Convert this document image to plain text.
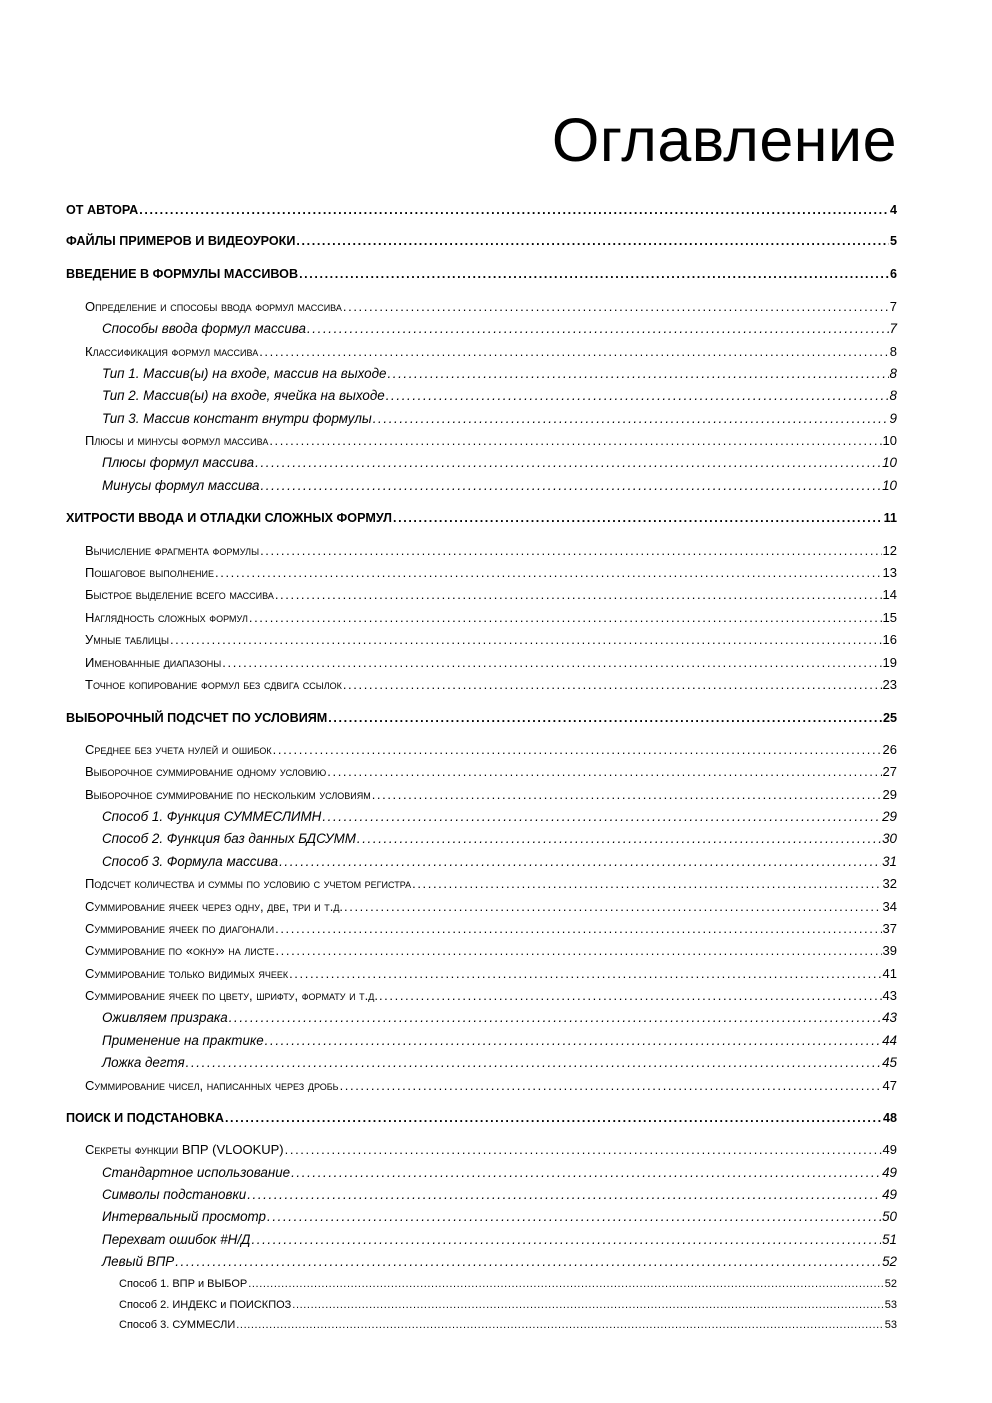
Оглавление
ОТ АВТОРА .....	4
ФАЙЛЫ ПРИМЕРОВ И ВИДЕОУРОКИ .....	5
ВВЕДЕНИЕ В ФОРМУЛЫ МАССИВОВ .....	6
Определение и способы ввода формул массива .....	7
Способы ввода формул массива .....	7
Классификация формул массива .....	8
Тип 1. Массив(ы) на входе, массив на выходе .....	8
Тип 2. Массив(ы) на входе, ячейка на выходе .....	8
Тип 3. Массив констант внутри формулы .....	9
Плюсы и минусы формул массива .....	10
Плюсы формул массива .....	10
Минусы формул массива .....	10
ХИТРОСТИ ВВОДА И ОТЛАДКИ СЛОЖНЫХ ФОРМУЛ .....	11
Вычисление фрагмента формулы .....	12
Пошаговое выполнение .....	13
Быстрое выделение всего массива .....	14
Наглядность сложных формул .....	15
Умные таблицы .....	16
Именованные диапазоны .....	19
Точное копирование формул без сдвига ссылок .....	23
ВЫБОРОЧНЫЙ ПОДСЧЕТ ПО УСЛОВИЯМ .....	25
Среднее без учета нулей и ошибок .....	26
Выборочное суммирование одному условию .....	27
Выборочное суммирование по нескольким условиям .....	29
Способ 1. Функция СУММЕСЛИМН .....	29
Способ 2. Функция баз данных БДСУММ .....	30
Способ 3. Формула массива .....	31
Подсчет количества и суммы по условию с учетом регистра .....	32
Суммирование ячеек через одну, две, три и т.д. .....	34
Суммирование ячеек по диагонали .....	37
Суммирование по «окну» на листе .....	39
Суммирование только видимых ячеек .....	41
Суммирование ячеек по цвету, шрифту, формату и т.д. .....	43
Оживляем призрака .....	43
Применение на практике .....	44
Ложка дегтя .....	45
Суммирование чисел, написанных через дробь .....	47
ПОИСК И ПОДСТАНОВКА .....	48
Секреты функции ВПР (VLOOKUP) .....	49
Стандартное использование .....	49
Символы подстановки .....	49
Интервальный просмотр .....	50
Перехват ошибок #Н/Д .....	51
Левый ВПР .....	52
Способ 1. ВПР и ВЫБОР .....	52
Способ 2. ИНДЕКС и ПОИСКПОЗ .....	53
Способ 3. СУММЕСЛИ .....	53
